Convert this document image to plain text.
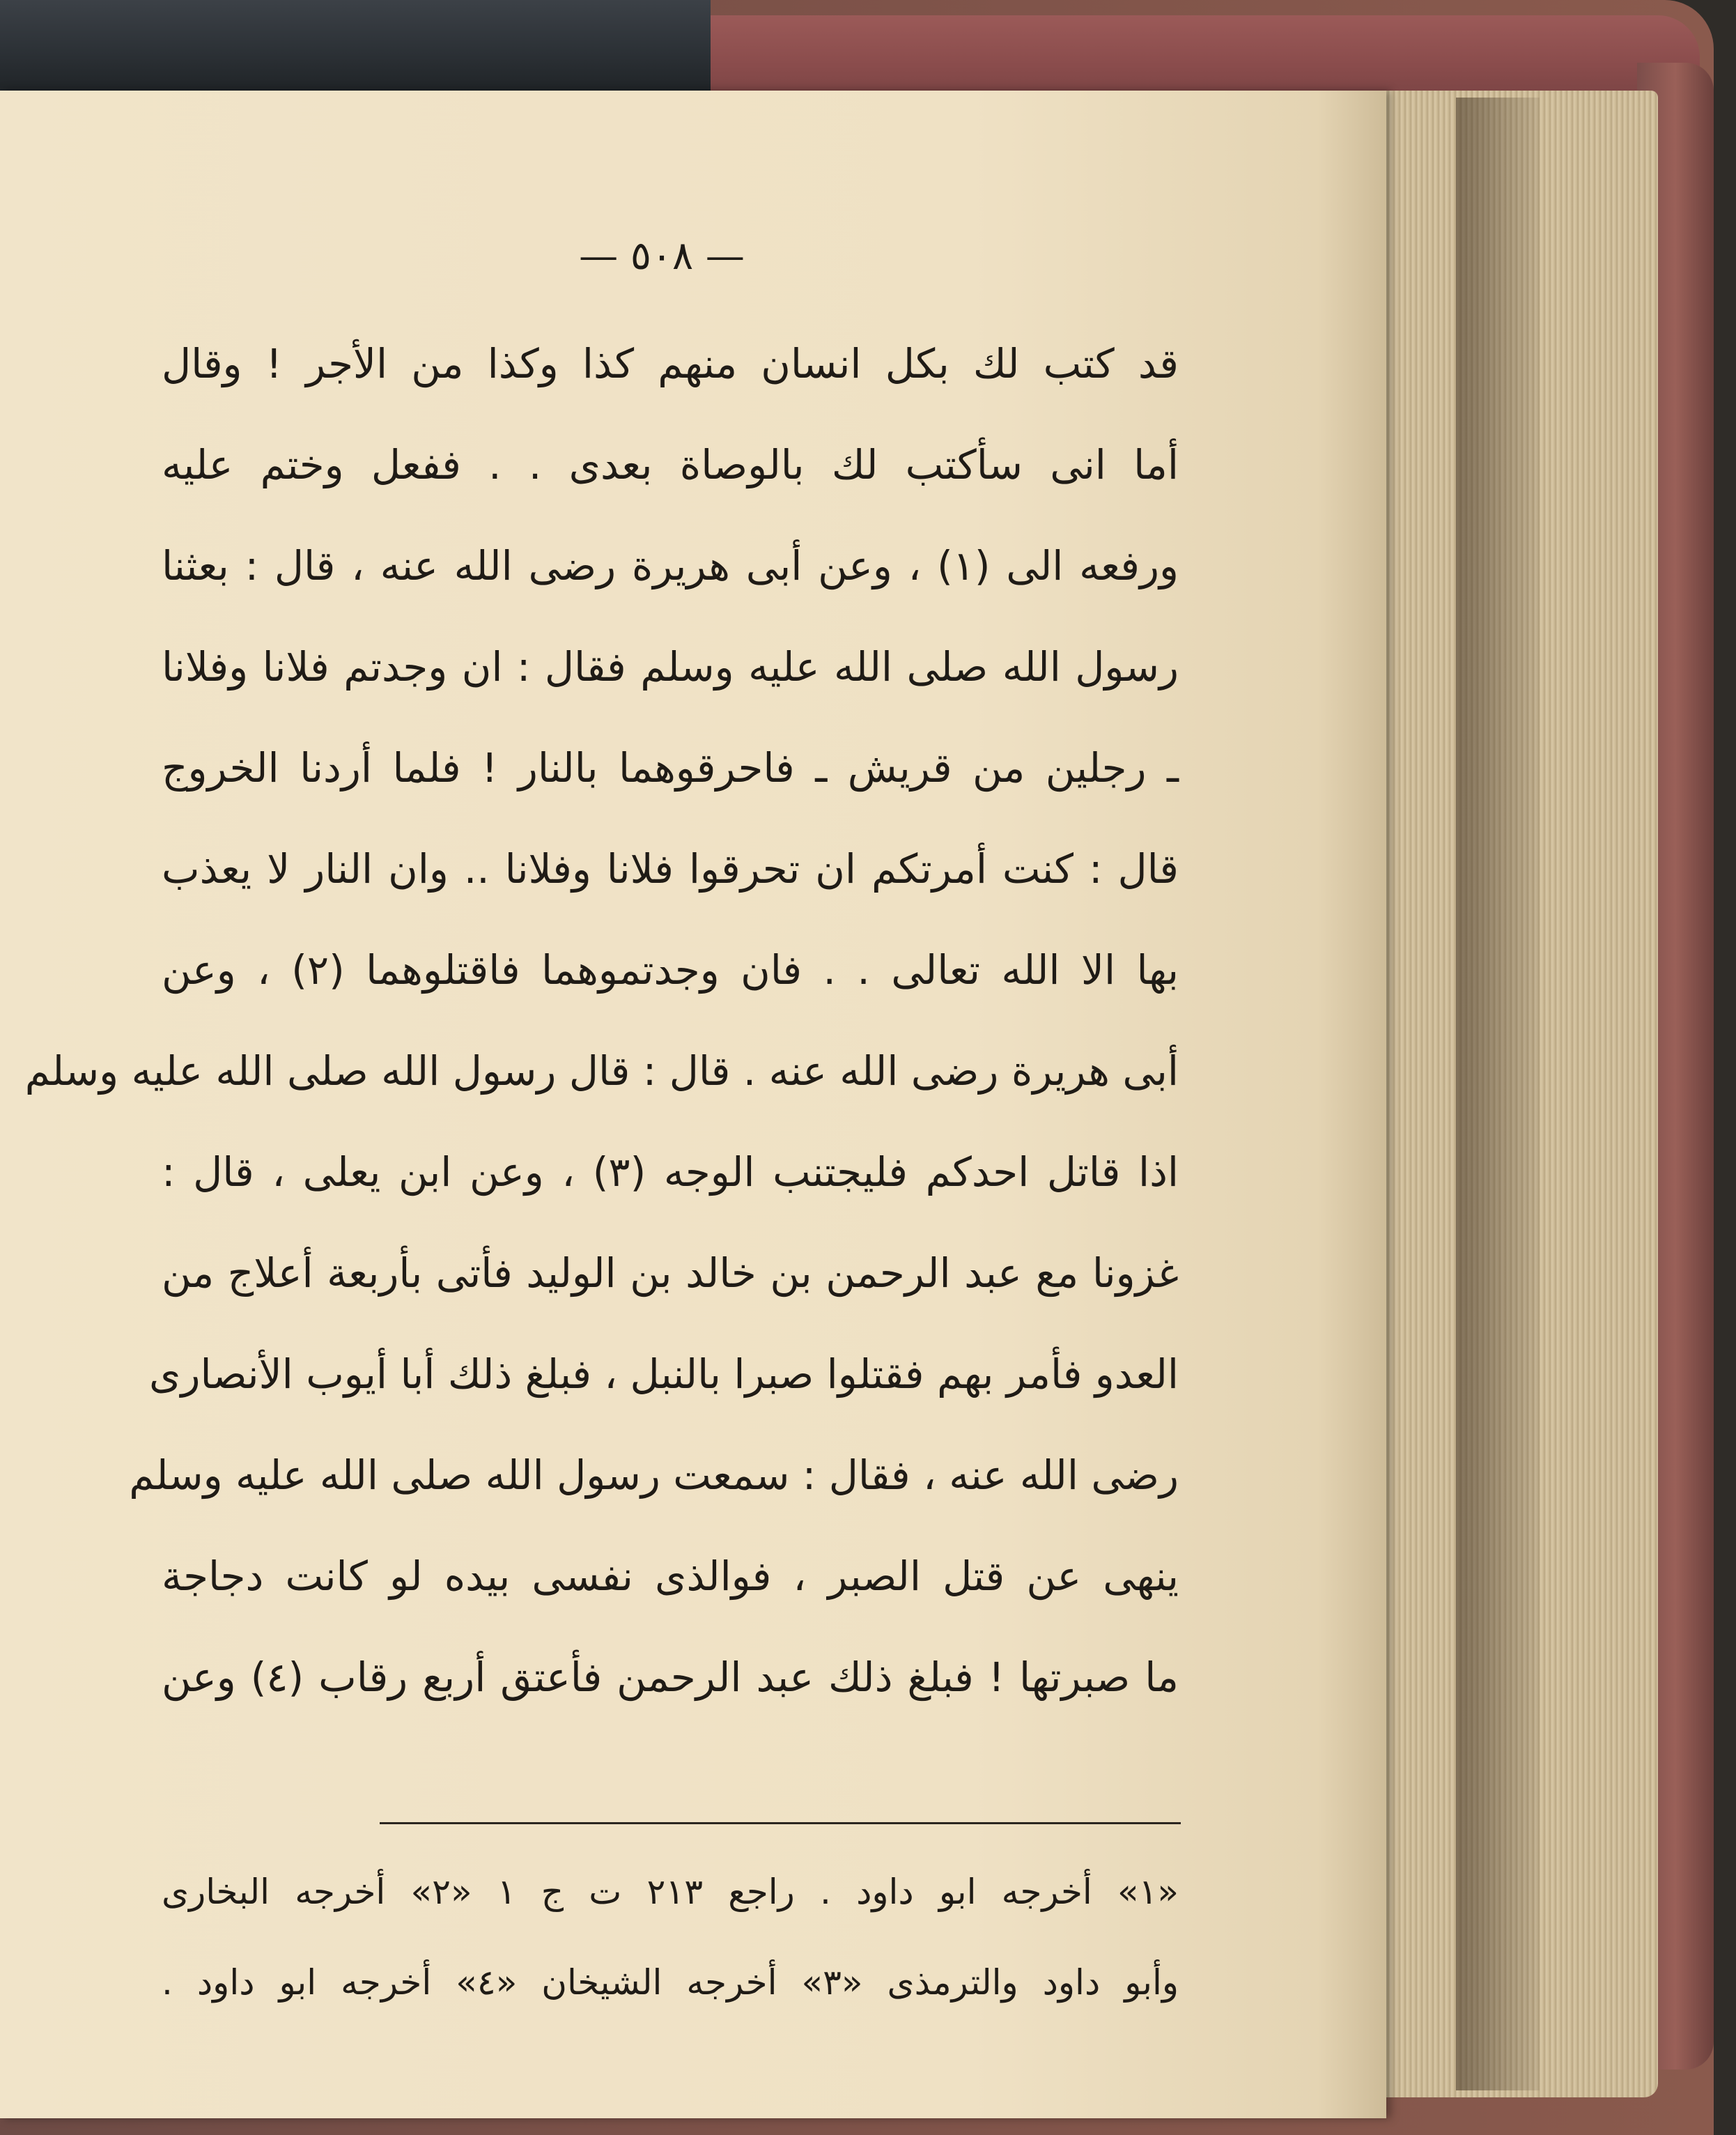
— ٥٠٨ —
قد كتب لك بكل انسان منهم كذا وكذا من الأجر ! وقال
أما انى سأكتب لك بالوصاة بعدى . . ففعل وختم عليه
ورفعه الى (١) ، وعن أبى هريرة رضى الله عنه ، قال : بعثنا
رسول الله صلى الله عليه وسلم فقال : ان وجدتم فلانا وفلانا
ـ رجلين من قريش ـ فاحرقوهما بالنار ! فلما أردنا الخروج
قال : كنت أمرتكم ان تحرقوا فلانا وفلانا .. وان النار لا يعذب
بها الا الله تعالى . . فان وجدتموهما فاقتلوهما (٢) ، وعن
أبى هريرة رضى الله عنه . قال : قال رسول الله صلى الله عليه وسلم
اذا قاتل احدكم فليجتنب الوجه (٣) ، وعن ابن يعلى ، قال :
غزونا مع عبد الرحمن بن خالد بن الوليد فأتى بأربعة أعلاج من
العدو فأمر بهم فقتلوا صبرا بالنبل ، فبلغ ذلك أبا أيوب الأنصارى
رضى الله عنه ، فقال : سمعت رسول الله صلى الله عليه وسلم
ينهى عن قتل الصبر ، فوالذى نفسى بيده لو كانت دجاجة
ما صبرتها ! فبلغ ذلك عبد الرحمن فأعتق أربع رقاب (٤) وعن
«١» أخرجه ابو داود . راجع ٢١٣ ت ج ١ «٢» أخرجه البخارى
وأبو داود والترمذى «٣» أخرجه الشيخان «٤» أخرجه ابو داود .
